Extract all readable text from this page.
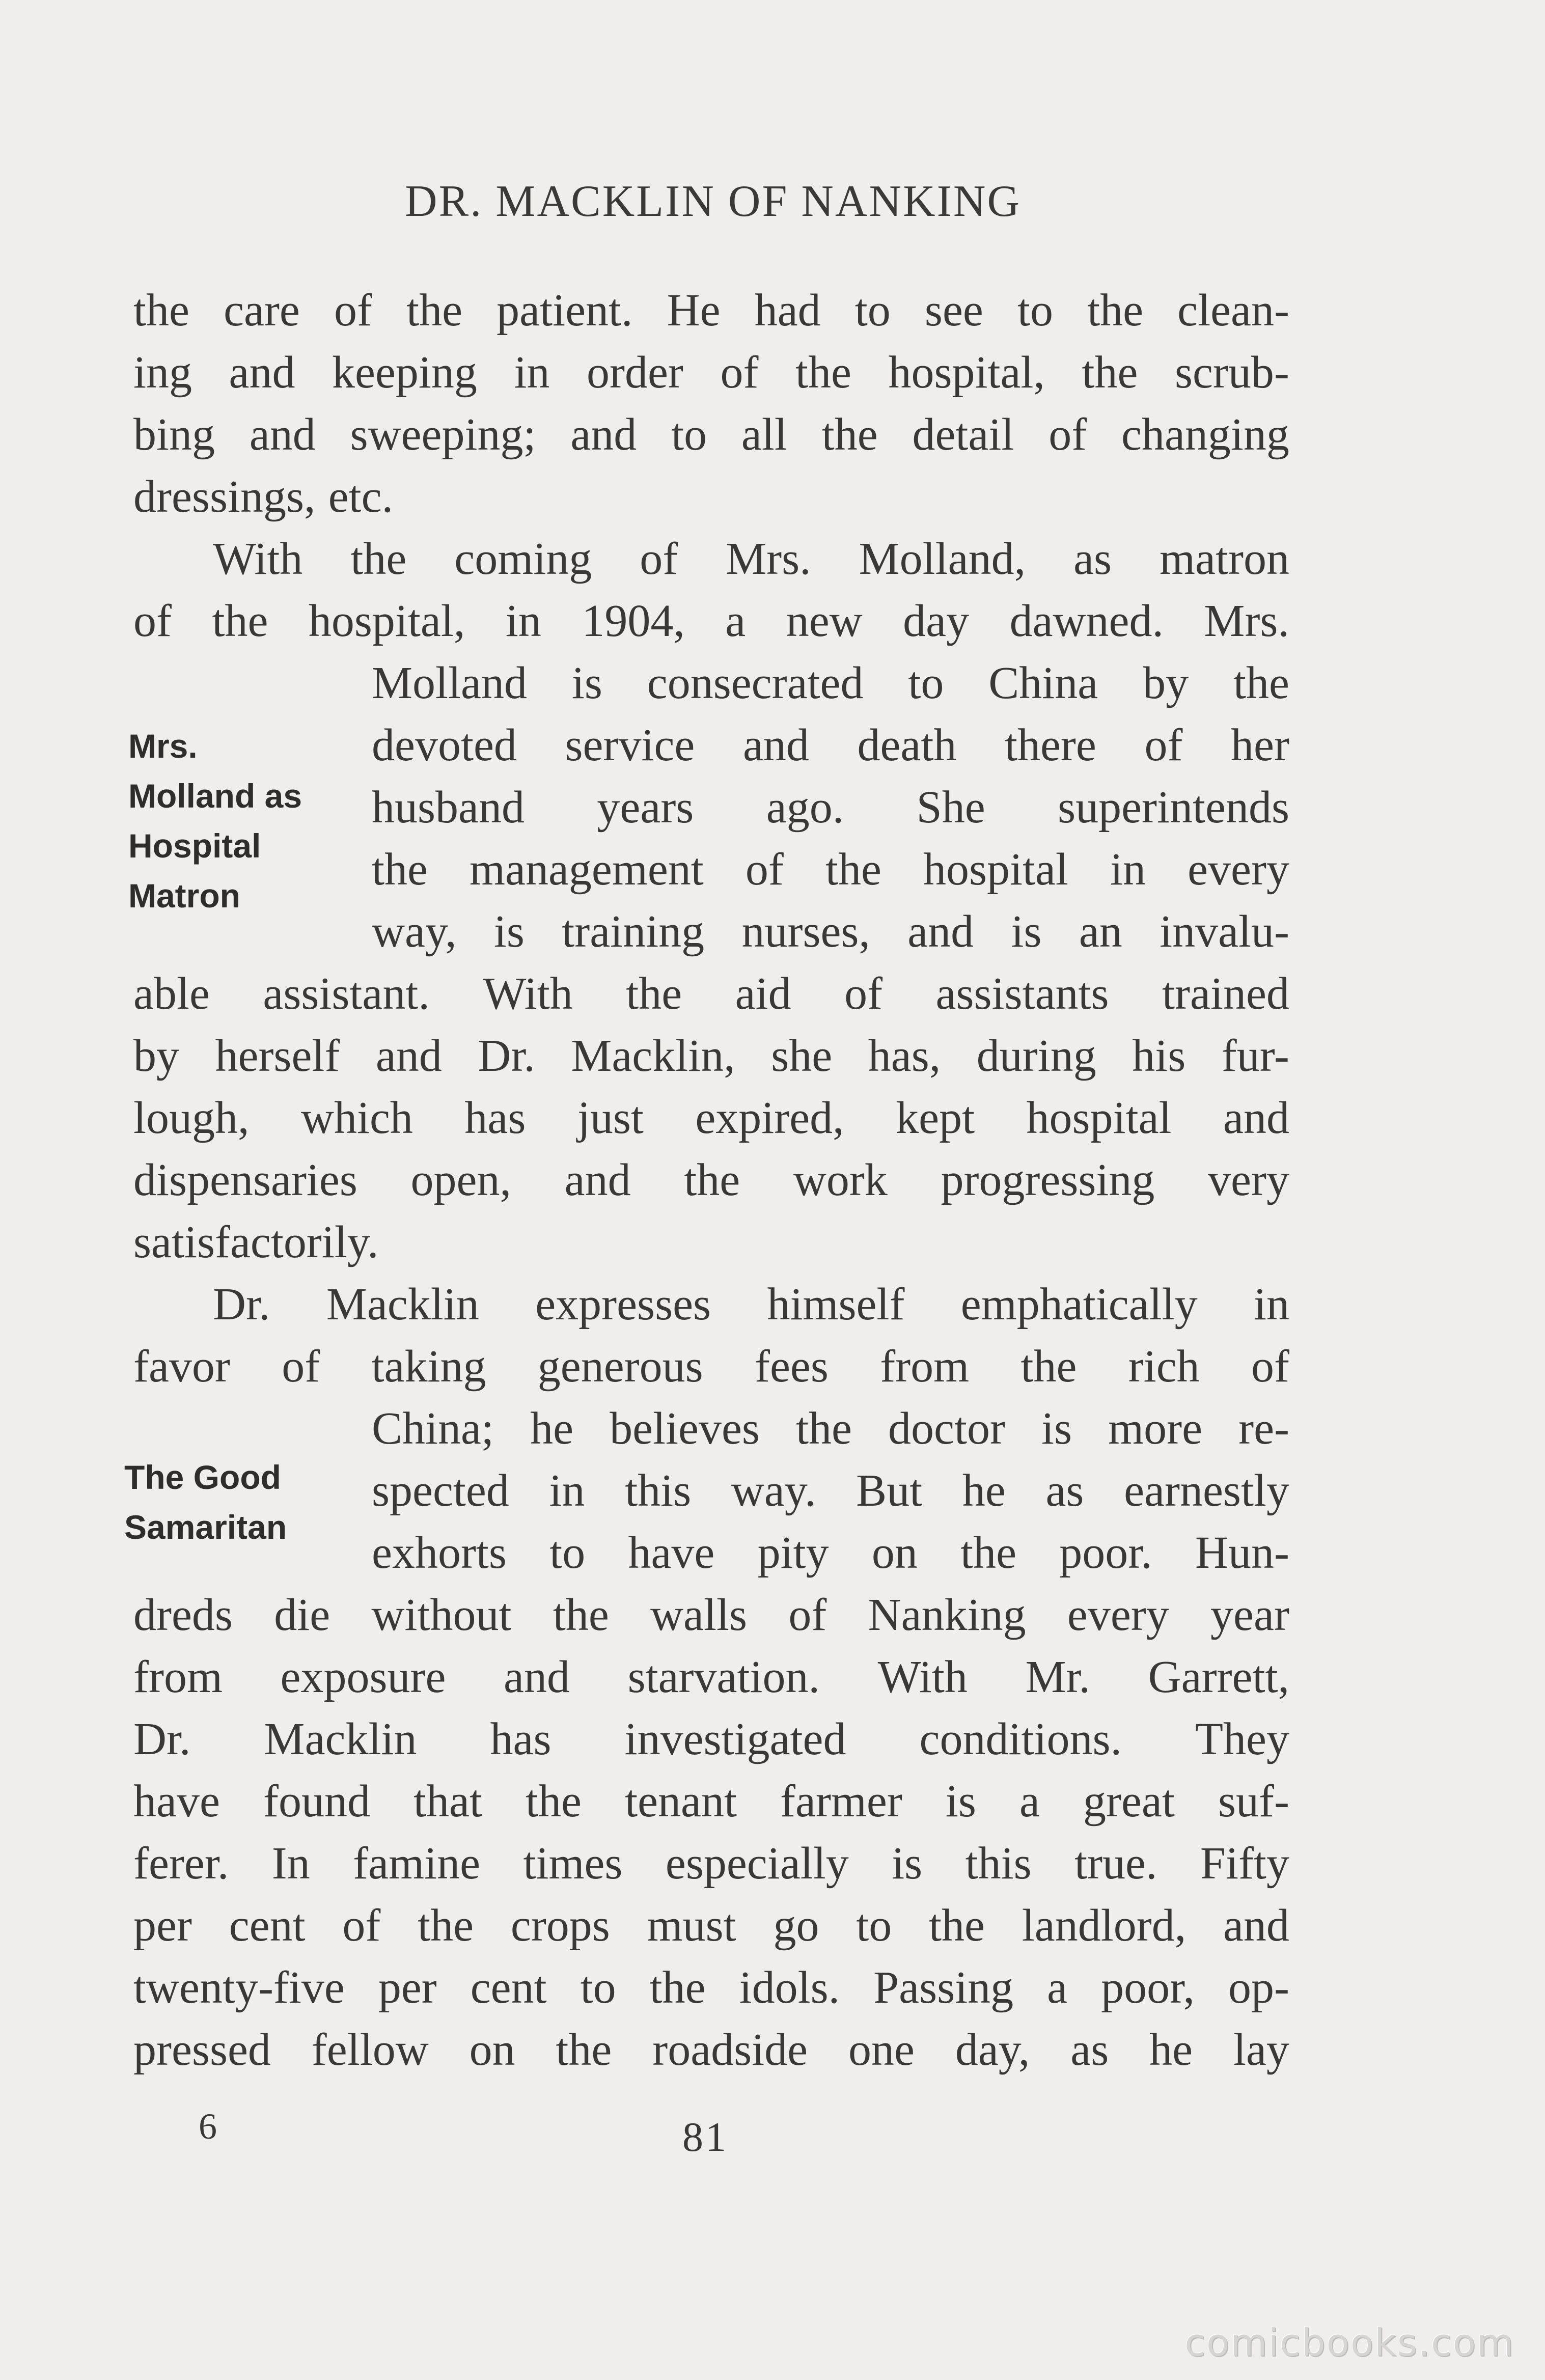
DR. MACKLIN OF NANKING
the care of the patient. He had to see to the clean-
ing and keeping in order of the hospital, the scrub-
bing and sweeping; and to all the detail of changing
dressings, etc.
With the coming of Mrs. Molland, as matron
of the hospital, in 1904, a new day dawned. Mrs.
Molland is consecrated to China by the
devoted service and death there of her
husband years ago. She superintends
the management of the hospital in every
way, is training nurses, and is an invalu-
able assistant. With the aid of assistants trained
by herself and Dr. Macklin, she has, during his fur-
lough, which has just expired, kept hospital and
dispensaries open, and the work progressing very
satisfactorily.
Dr. Macklin expresses himself emphatically in
favor of taking generous fees from the rich of
China; he believes the doctor is more re-
spected in this way. But he as earnestly
exhorts to have pity on the poor. Hun-
dreds die without the walls of Nanking every year
from exposure and starvation. With Mr. Garrett,
Dr. Macklin has investigated conditions. They
have found that the tenant farmer is a great suf-
ferer. In famine times especially is this true. Fifty
per cent of the crops must go to the landlord, and
twenty-five per cent to the idols. Passing a poor, op-
pressed fellow on the roadside one day, as he lay
Mrs.
Molland as
Hospital
Matron
The Good
Samaritan
6	81
comicbooks.com
